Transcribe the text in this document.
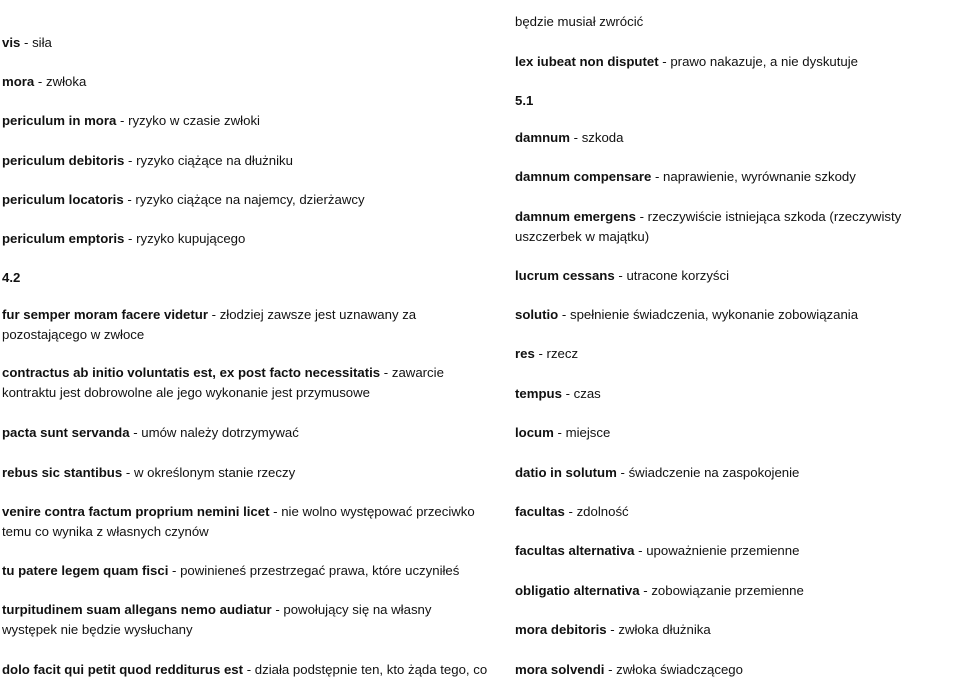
vis - siła

mora - zwłoka

periculum in mora - ryzyko w czasie zwłoki

periculum debitoris - ryzyko ciążące na dłużniku

periculum locatoris - ryzyko ciążące na najemcy, dzierżawcy

periculum emptoris - ryzyko kupującego

4.2

fur semper moram facere videtur - złodziej zawsze jest uznawany za pozostającego w zwłoce

contractus ab initio voluntatis est, ex post facto necessitatis - zawarcie kontraktu jest dobrowolne ale jego wykonanie jest przymusowe

pacta sunt servanda - umów należy dotrzymywać

rebus sic stantibus - w określonym stanie rzeczy

venire contra factum proprium nemini licet - nie wolno występować przeciwko temu co wynika z własnych czynów

tu patere legem quam fisci - powinieneś przestrzegać prawa, które uczyniłeś

turpitudinem suam allegans nemo audiatur - powołujący się na własny występek nie będzie wysłuchany

dolo facit qui petit quod redditurus est - działa podstępnie ten, kto żąda tego, co

będzie musiał zwrócić

lex iubeat non disputet - prawo nakazuje, a nie dyskutuje

5.1

damnum - szkoda

damnum compensare - naprawienie, wyrównanie szkody

damnum emergens - rzeczywiście istniejąca szkoda (rzeczywisty uszczerbek w majątku)

lucrum cessans - utracone korzyści

solutio - spełnienie świadczenia, wykonanie zobowiązania

res - rzecz

tempus - czas

locum - miejsce

datio in solutum - świadczenie na zaspokojenie

facultas - zdolność

facultas alternativa - upoważnienie przemienne

obligatio alternativa - zobowiązanie przemienne

mora debitoris - zwłoka dłużnika

mora solvendi - zwłoka świadczącego
